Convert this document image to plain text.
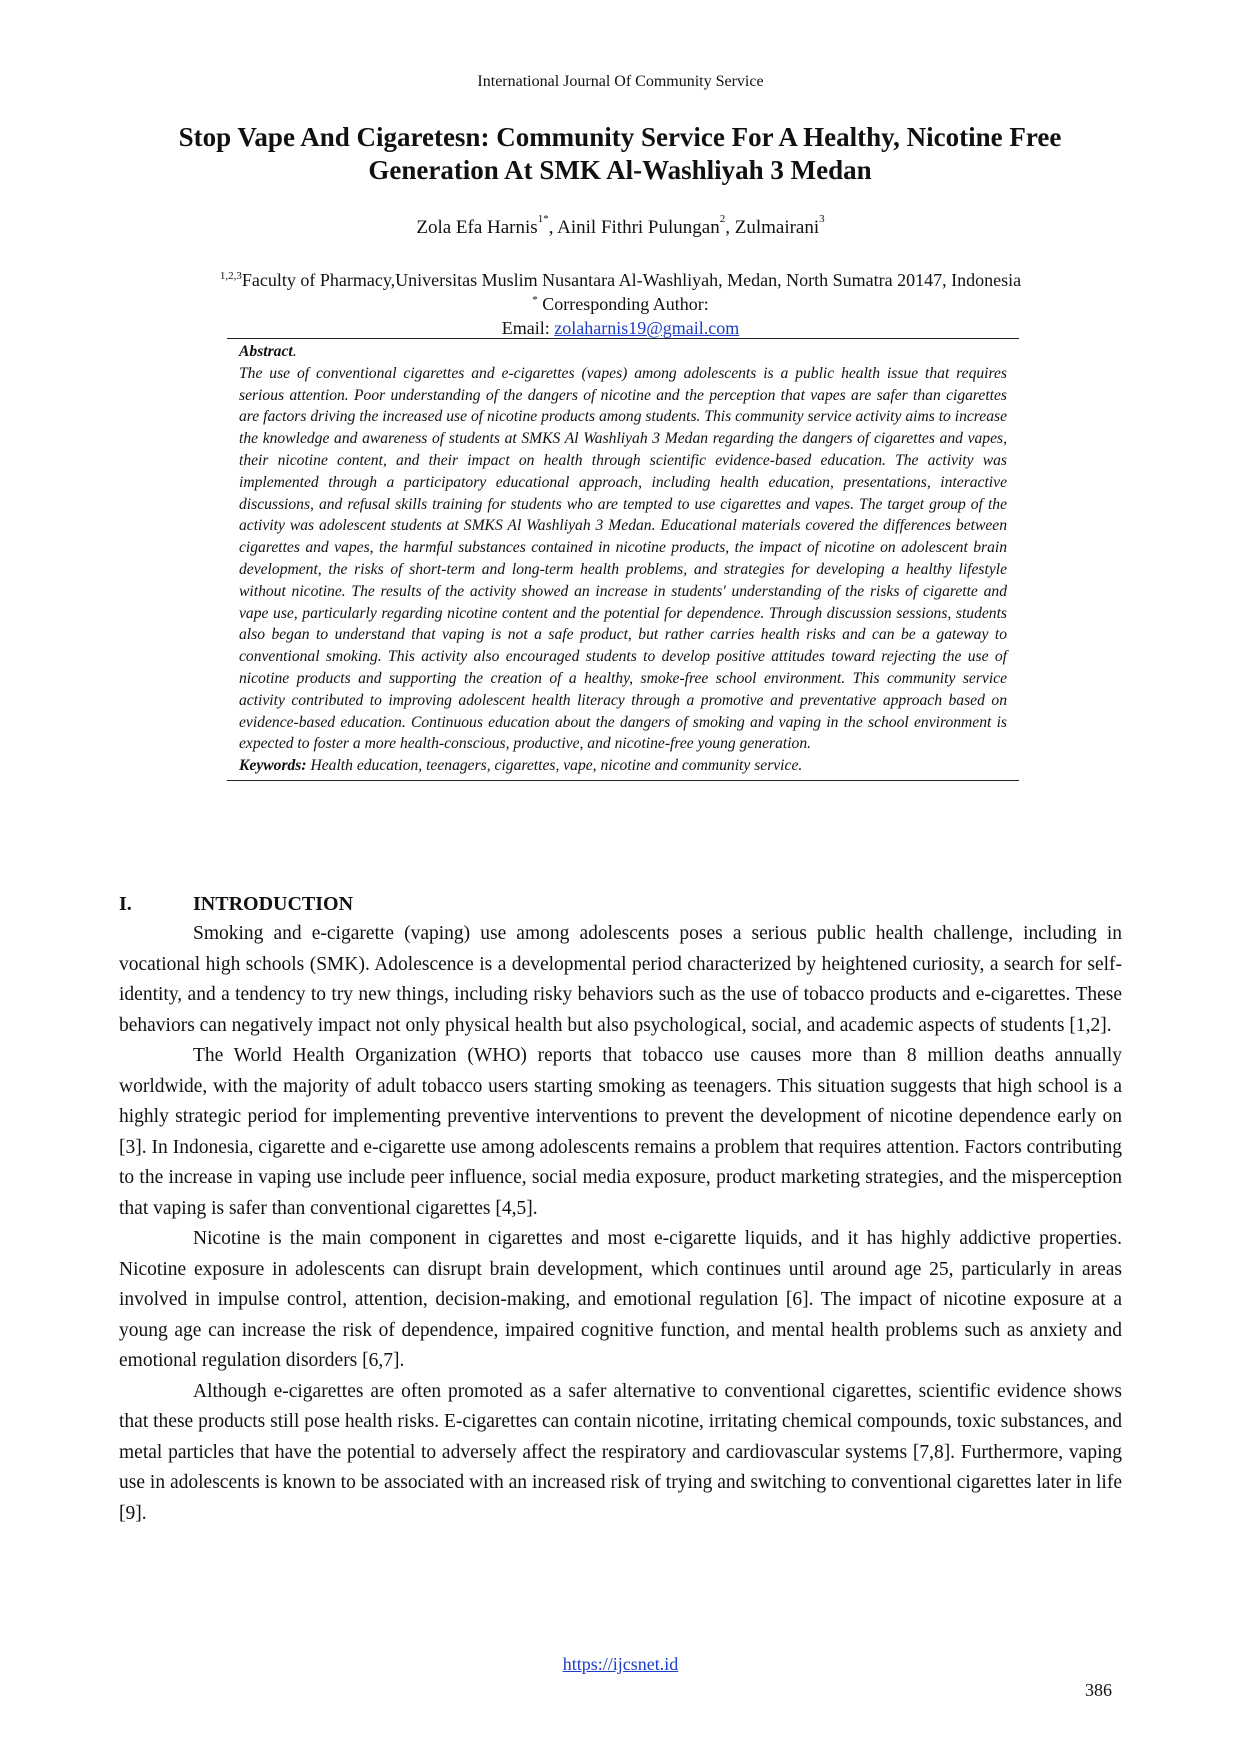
International Journal Of Community Service
Stop Vape And Cigaretesn: Community Service For A Healthy, Nicotine Free Generation At SMK Al-Washliyah 3 Medan
Zola Efa Harnis$^{1*}$, Ainil Fithri Pulungan$^2$, Zulmairani$^3$
$^{1,2,3}$Faculty of Pharmacy,Universitas Muslim Nusantara Al-Washliyah, Medan, North Sumatra 20147, Indonesia
* Corresponding Author:
Email: zolaharnis19@gmail.com

Abstract.

The use of conventional cigarettes and e-cigarettes (vapes) among adolescents is a public health issue that requires serious attention. Poor understanding of the dangers of nicotine and the perception that vapes are safer than cigarettes are factors driving the increased use of nicotine products among students. This community service activity aims to increase the knowledge and awareness of students at SMKS Al Washliyah 3 Medan regarding the dangers of cigarettes and vapes, their nicotine content, and their impact on health through scientific evidence-based education. The activity was implemented through a participatory educational approach, including health education, presentations, interactive discussions, and refusal skills training for students who are tempted to use cigarettes and vapes. The target group of the activity was adolescent students at SMKS Al Washliyah 3 Medan. Educational materials covered the differences between cigarettes and vapes, the harmful substances contained in nicotine products, the impact of nicotine on adolescent brain development, the risks of short-term and long-term health problems, and strategies for developing a healthy lifestyle without nicotine. The results of the activity showed an increase in students' understanding of the risks of cigarette and vape use, particularly regarding nicotine content and the potential for dependence. Through discussion sessions, students also began to understand that vaping is not a safe product, but rather carries health risks and can be a gateway to conventional smoking. This activity also encouraged students to develop positive attitudes toward rejecting the use of nicotine products and supporting the creation of a healthy, smoke-free school environment. This community service activity contributed to improving adolescent health literacy through a promotive and preventative approach based on evidence-based education. Continuous education about the dangers of smoking and vaping in the school environment is expected to foster a more health-conscious, productive, and nicotine-free young generation.

Keywords: Health education, teenagers, cigarettes, vape, nicotine and community service.

I.	INTRODUCTION

Smoking and e-cigarette (vaping) use among adolescents poses a serious public health challenge, including in vocational high schools (SMK). Adolescence is a developmental period characterized by heightened curiosity, a search for self-identity, and a tendency to try new things, including risky behaviors such as the use of tobacco products and e-cigarettes. These behaviors can negatively impact not only physical health but also psychological, social, and academic aspects of students [1,2].

The World Health Organization (WHO) reports that tobacco use causes more than 8 million deaths annually worldwide, with the majority of adult tobacco users starting smoking as teenagers. This situation suggests that high school is a highly strategic period for implementing preventive interventions to prevent the development of nicotine dependence early on [3]. In Indonesia, cigarette and e-cigarette use among adolescents remains a problem that requires attention. Factors contributing to the increase in vaping use include peer influence, social media exposure, product marketing strategies, and the misperception that vaping is safer than conventional cigarettes [4,5].

Nicotine is the main component in cigarettes and most e-cigarette liquids, and it has highly addictive properties. Nicotine exposure in adolescents can disrupt brain development, which continues until around age 25, particularly in areas involved in impulse control, attention, decision-making, and emotional regulation [6]. The impact of nicotine exposure at a young age can increase the risk of dependence, impaired cognitive function, and mental health problems such as anxiety and emotional regulation disorders [6,7].

Although e-cigarettes are often promoted as a safer alternative to conventional cigarettes, scientific evidence shows that these products still pose health risks. E-cigarettes can contain nicotine, irritating chemical compounds, toxic substances, and metal particles that have the potential to adversely affect the respiratory and cardiovascular systems [7,8]. Furthermore, vaping use in adolescents is known to be associated with an increased risk of trying and switching to conventional cigarettes later in life [9].

https://ijcsnet.id
386
